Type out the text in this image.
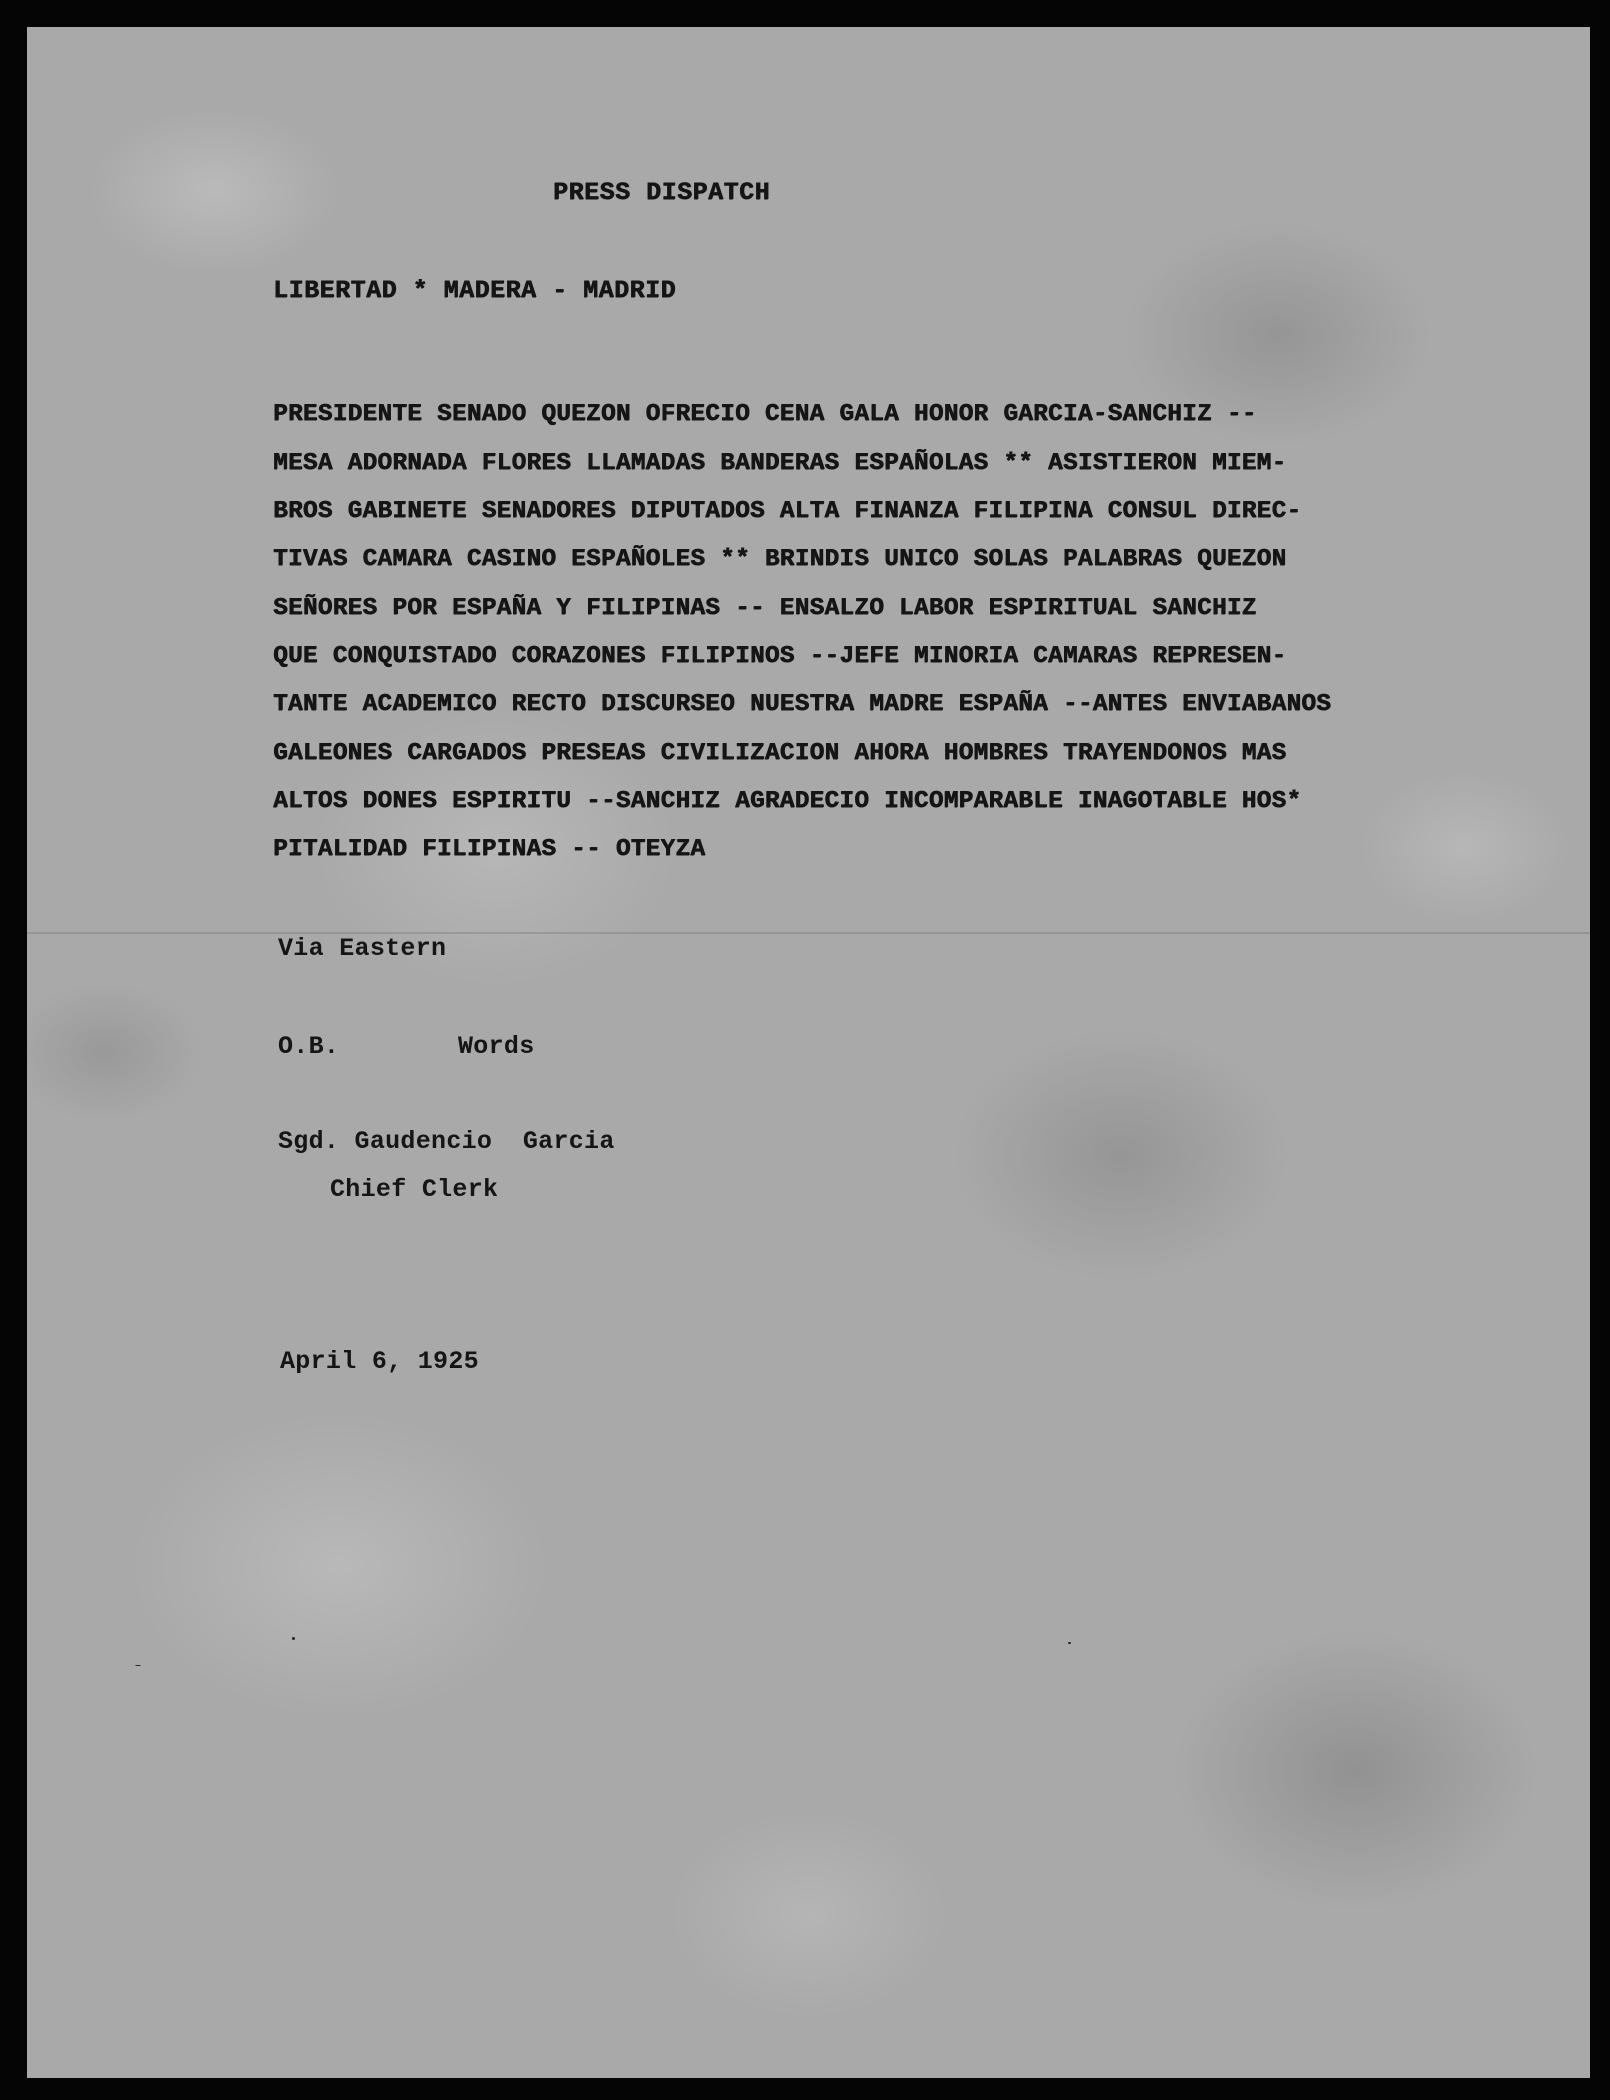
PRESS DISPATCH
LIBERTAD * MADERA - MADRID
PRESIDENTE SENADO QUEZON OFRECIO CENA GALA HONOR GARCIA-SANCHIZ --
MESA ADORNADA FLORES LLAMADAS BANDERAS ESPAÑOLAS ** ASISTIERON MIEM-
BROS GABINETE SENADORES DIPUTADOS ALTA FINANZA FILIPINA CONSUL DIREC-
TIVAS CAMARA CASINO ESPAÑOLES ** BRINDIS UNICO SOLAS PALABRAS QUEZON
SEÑORES POR ESPAÑA Y FILIPINAS -- ENSALZO LABOR ESPIRITUAL SANCHIZ
QUE CONQUISTADO CORAZONES FILIPINOS --JEFE MINORIA CAMARAS REPRESEN-
TANTE ACADEMICO RECTO DISCURSEO NUESTRA MADRE ESPAÑA --ANTES ENVIABANOS
GALEONES CARGADOS PRESEAS CIVILIZACION AHORA HOMBRES TRAYENDONOS MAS
ALTOS DONES ESPIRITU --SANCHIZ AGRADECIO INCOMPARABLE INAGOTABLE HOS*
PITALIDAD FILIPINAS -- OTEYZA
Via Eastern
O.B.	Words
Sgd. Gaudencio  Garcia
Chief Clerk
April 6, 1925
